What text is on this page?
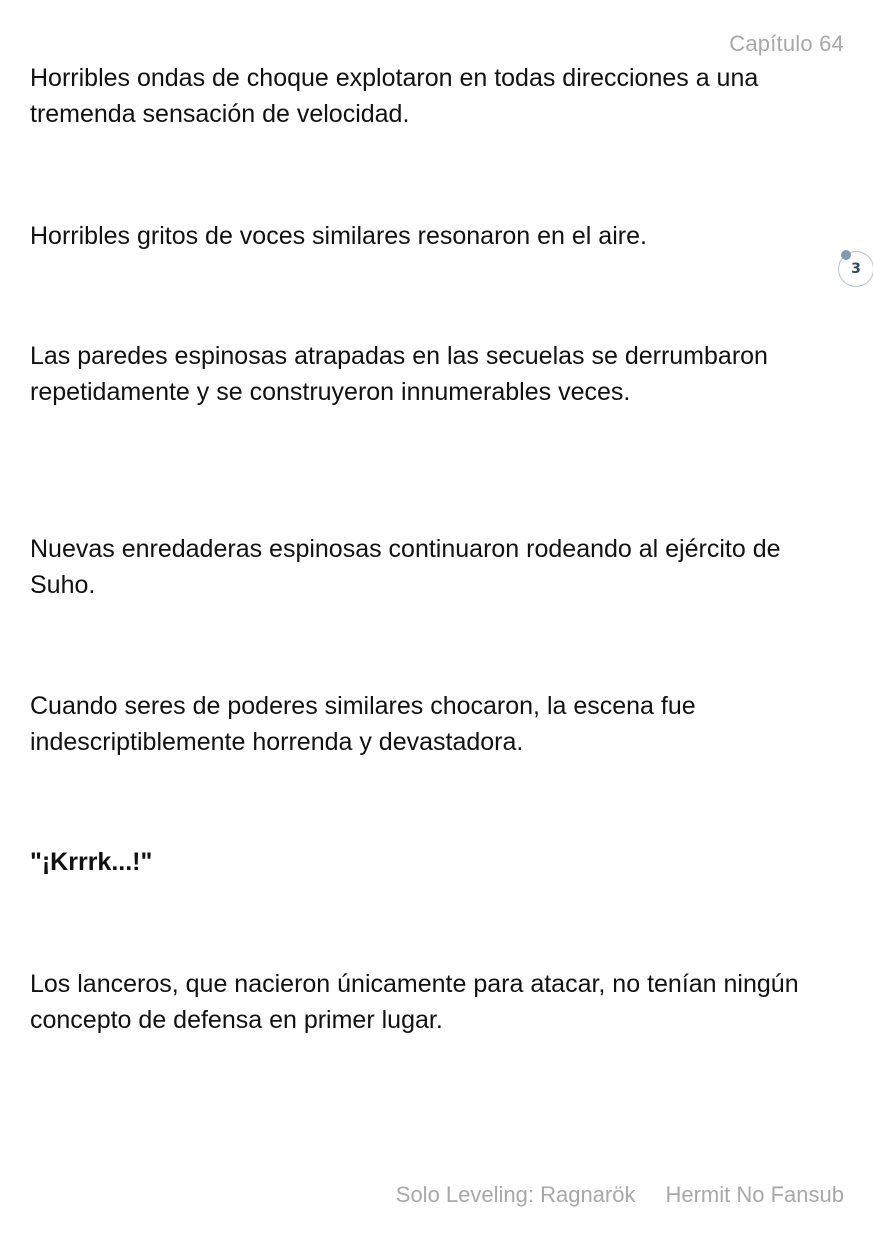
Capítulo 64

Horribles ondas de choque explotaron en todas direcciones a una tremenda sensación de velocidad.

Horribles gritos de voces similares resonaron en el aire.

Las paredes espinosas atrapadas en las secuelas se derrumbaron repetidamente y se construyeron innumerables veces.

Nuevas enredaderas espinosas continuaron rodeando al ejército de Suho.

Cuando seres de poderes similares chocaron, la escena fue indescriptiblemente horrenda y devastadora.

"¡Krrrk...!"

Los lanceros, que nacieron únicamente para atacar, no tenían ningún concepto de defensa en primer lugar.

3
Solo Leveling: Ragnarök Hermit No Fansub
